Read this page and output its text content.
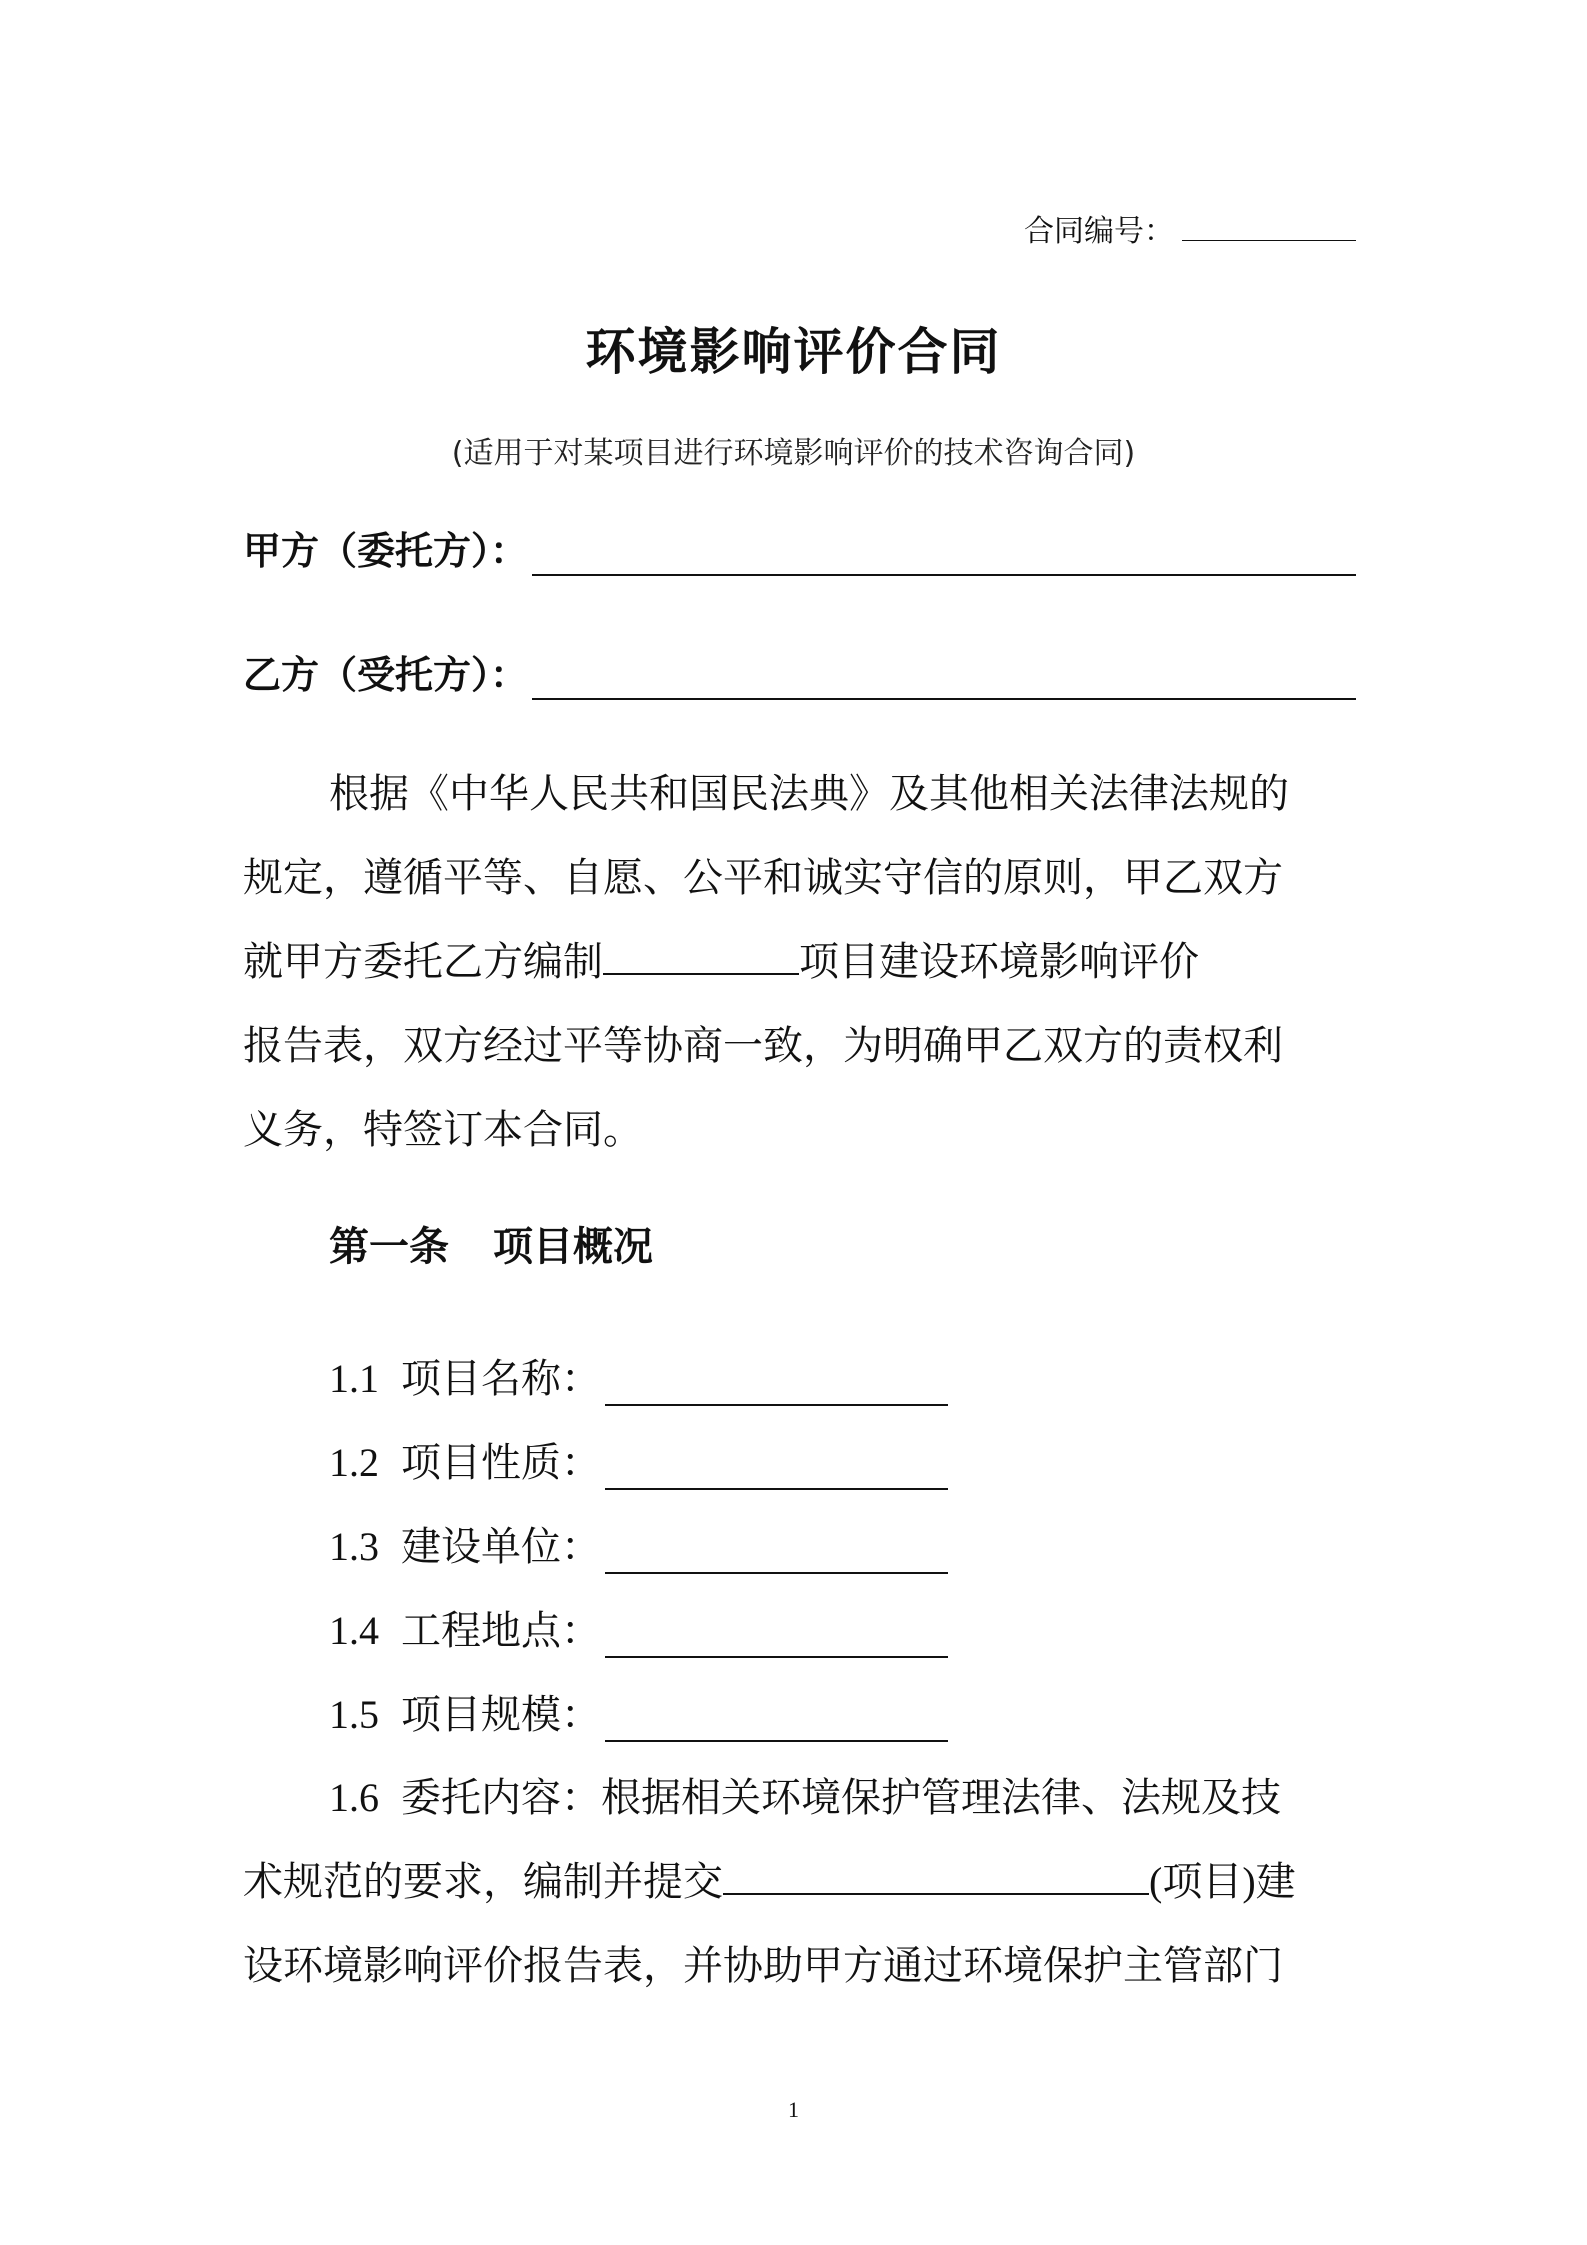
合同编号：
环境影响评价合同
(适用于对某项目进行环境影响评价的技术咨询合同)
甲方（委托方）：
乙方（受托方）：
根据《中华人民共和国民法典》及其他相关法律法规的
规定，遵循平等、自愿、公平和诚实守信的原则，甲乙双方
就甲方委托乙方编制	项目建设环境影响评价
报告表，双方经过平等协商一致，为明确甲乙双方的责权利
义务，特签订本合同。
第一条 项目概况
1.1 项目名称：
1.2 项目性质：
1.3 建设单位：
1.4 工程地点：
1.5 项目规模：
1.6 委托内容：根据相关环境保护管理法律、法规及技
术规范的要求，编制并提交	(项目)建
设环境影响评价报告表，并协助甲方通过环境保护主管部门
1
